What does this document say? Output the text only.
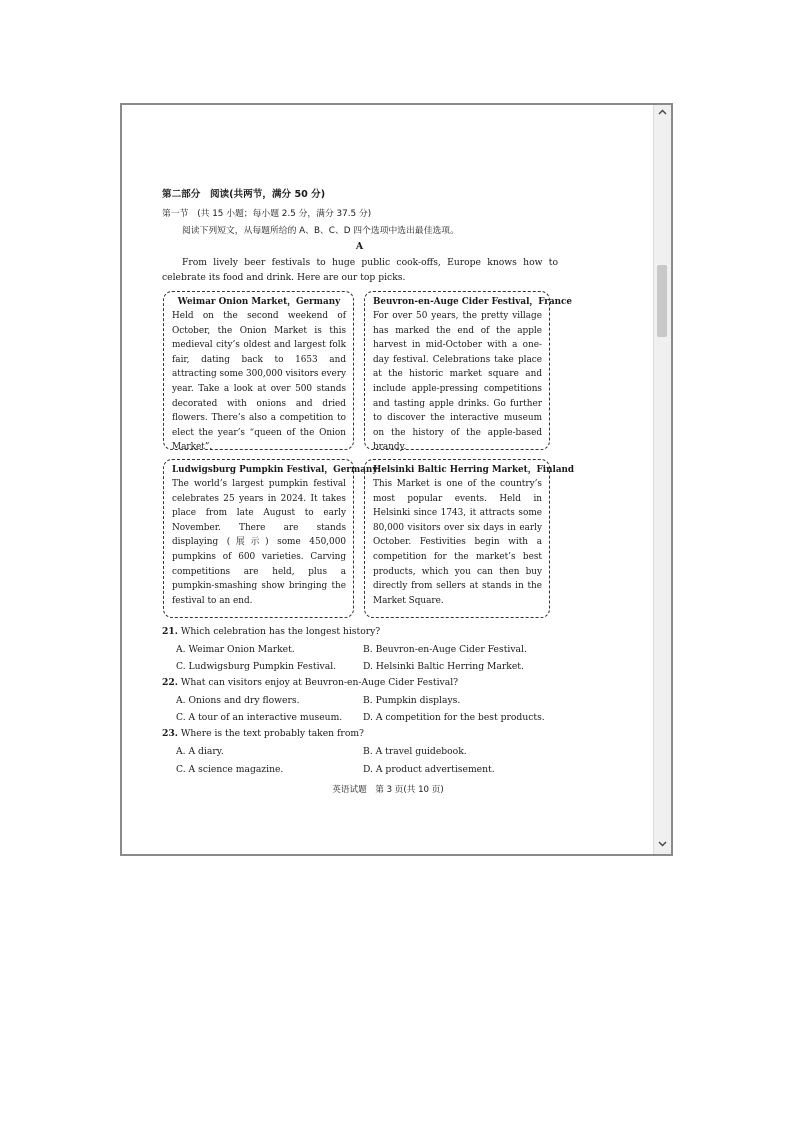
第二部分　阅读(共两节，满分 50 分)
第一节　(共 15 小题；每小题 2.5 分，满分 37.5 分)
阅读下列短文，从每题所给的 A、B、C、D 四个选项中选出最佳选项。
A
From lively beer festivals to huge public cook-offs, Europe knows how to celebrate its food and drink. Here are our top picks.
Weimar Onion Market，Germany
Held on the second weekend of October, the Onion Market is this medieval city’s oldest and largest folk fair, dating back to 1653 and attracting some 300,000 visitors every year. Take a look at over 500 stands decorated with onions and dried flowers. There’s also a competition to elect the year’s “queen of the Onion Market”.
Beuvron-en-Auge Cider Festival，France
For over 50 years, the pretty village has marked the end of the apple harvest in mid-October with a one-day festival. Celebrations take place at the historic market square and include apple-pressing competitions and tasting apple drinks. Go further to discover the interactive museum on the history of the apple-based brandy.
Ludwigsburg Pumpkin Festival，Germany
The world’s largest pumpkin festival celebrates 25 years in 2024. It takes place from late August to early November. There are stands displaying (展示) some 450,000 pumpkins of 600 varieties. Carving competitions are held, plus a pumpkin-smashing show bringing the festival to an end.
Helsinki Baltic Herring Market，Finland
This Market is one of the country’s most popular events. Held in Helsinki since 1743, it attracts some 80,000 visitors over six days in early October. Festivities begin with a competition for the market’s best products, which you can then buy directly from sellers at stands in the Market Square.
21. Which celebration has the longest history?
A. Weimar Onion Market.	B. Beuvron-en-Auge Cider Festival.
C. Ludwigsburg Pumpkin Festival.	D. Helsinki Baltic Herring Market.
22. What can visitors enjoy at Beuvron-en-Auge Cider Festival?
A. Onions and dry flowers.	B. Pumpkin displays.
C. A tour of an interactive museum. D. A competition for the best products.
23. Where is the text probably taken from?
A. A diary.	B. A travel guidebook.
C. A science magazine.	D. A product advertisement.
英语试题　第 3 页(共 10 页)
